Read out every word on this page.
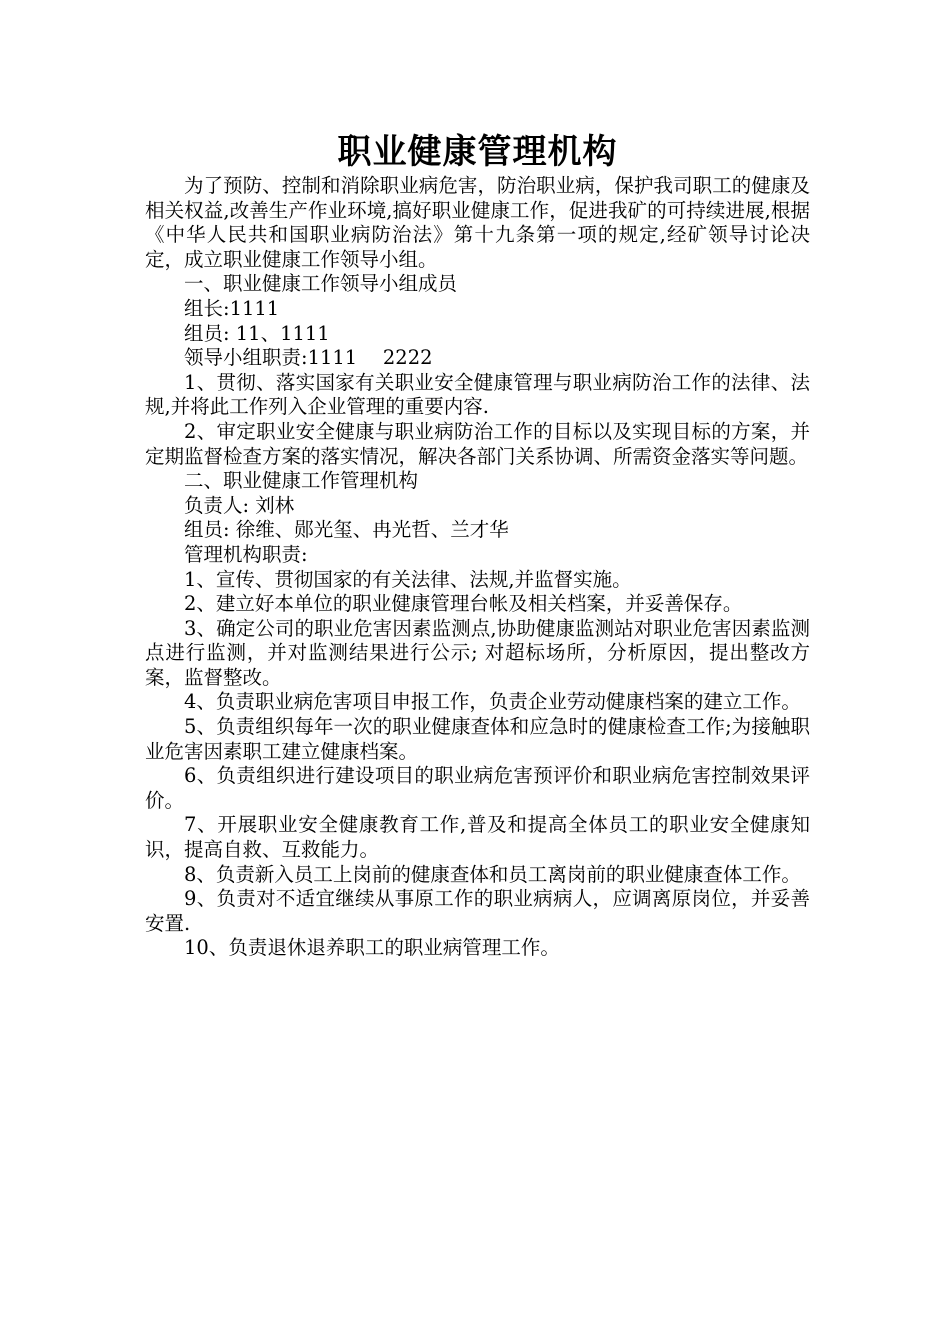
职业健康管理机构

为了预防、控制和消除职业病危害，防治职业病，保护我司职工的健康及相关权益,改善生产作业环境,搞好职业健康工作，促进我矿的可持续进展,根据《中华人民共和国职业病防治法》第十九条第一项的规定,经矿领导讨论决定，成立职业健康工作领导小组。

一、职业健康工作领导小组成员

组长:1111

组员: 11、1111

领导小组职责:1111　 2222

1、贯彻、落实国家有关职业安全健康管理与职业病防治工作的法律、法规,并将此工作列入企业管理的重要内容.

2、审定职业安全健康与职业病防治工作的目标以及实现目标的方案，并定期监督检查方案的落实情况，解决各部门关系协调、所需资金落实等问题。

二、职业健康工作管理机构

负责人: 刘林

组员: 徐维、郧光玺、冉光哲、兰才华

管理机构职责:

1、宣传、贯彻国家的有关法律、法规,并监督实施。

2、建立好本单位的职业健康管理台帐及相关档案，并妥善保存。

3、确定公司的职业危害因素监测点,协助健康监测站对职业危害因素监测点进行监测，并对监测结果进行公示; 对超标场所，分析原因，提出整改方案，监督整改。

4、负责职业病危害项目申报工作，负责企业劳动健康档案的建立工作。

5、负责组织每年一次的职业健康查体和应急时的健康检查工作;为接触职业危害因素职工建立健康档案。

6、负责组织进行建设项目的职业病危害预评价和职业病危害控制效果评价。

7、开展职业安全健康教育工作,普及和提高全体员工的职业安全健康知识，提高自救、互救能力。

8、负责新入员工上岗前的健康查体和员工离岗前的职业健康查体工作。

9、负责对不适宜继续从事原工作的职业病病人，应调离原岗位，并妥善安置.

10、负责退休退养职工的职业病管理工作。
